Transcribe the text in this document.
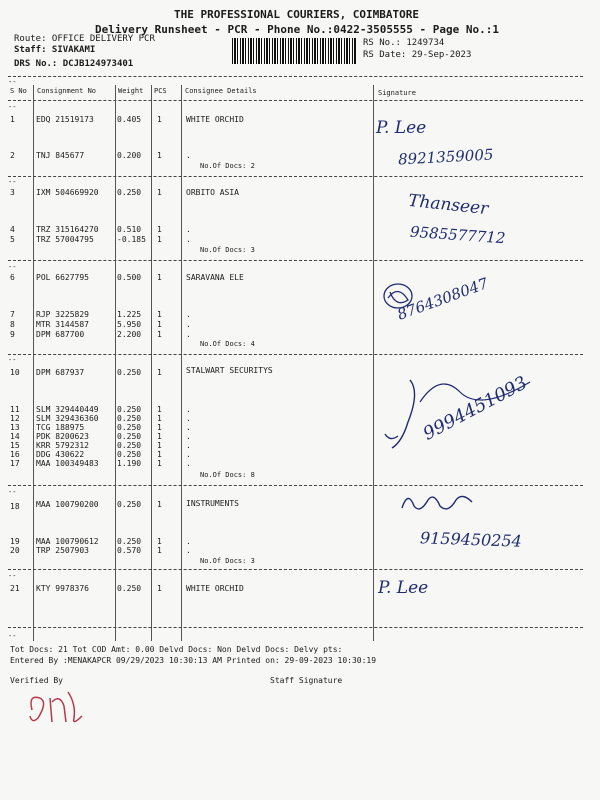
THE PROFESSIONAL COURIERS, COIMBATORE
Delivery Runsheet - PCR - Phone No.:0422-3505555 - Page No.:1
Route: OFFICE DELIVERY PCR
Staff: SIVAKAMI
DRS No.: DCJB124973401
RS No.: 1249734
RS Date: 29-Sep-2023
--
S No Consignment No	Weight PCS	Consignee Details	Signature
--
1	EDQ 21519173	0.405 1	WHITE ORCHID
2	TNJ 845677	0.200 1	.
No.Of Docs: 2
--
3	IXM 504669920 0.250 1	ORBITO ASIA
4	TRZ 315164270 0.510 1	.
5	TRZ 57004795	-0.185 1	.
No.Of Docs: 3
--
6	POL 6627795	0.500 1	SARAVANA ELE
7	RJP 3225829	1.225 1	.
8	MTR 3144587	5.950 1	.
9	DPM 687700	2.200 1	.
No.Of Docs: 4
--
10 DPM 687937	0.250 1	STALWART SECURITYS
11 SLM 329440449 0.250 1	.
12 SLM 329436360 0.250 1	.
13 TCG 188975	0.250 1	.
14 PDK 8200623	0.250 1	.
15 KRR 5792312	0.250 1	.
16 DDG 430622	0.250 1	.
17 MAA 100349483 1.190 1	.
No.Of Docs: 8
--
18 MAA 100790200 0.250 1	INSTRUMENTS
19 MAA 100790612 0.250 1	.
20 TRP 2507903	0.570 1	.
No.Of Docs: 3
--
21 KTY 9978376	0.250 1	WHITE ORCHID
P. Lee
8921359005
Thanseer
9585577712
8764308047
9994451093
9159450254
P. Lee
--
Tot Docs: 21 Tot COD Amt: 0.00 Delvd Docs: Non Delvd Docs: Delvy pts:
Entered By :MENAKAPCR 09/29/2023 10:30:13 AM Printed on: 29-09-2023 10:30:19
Verified By	Staff Signature
